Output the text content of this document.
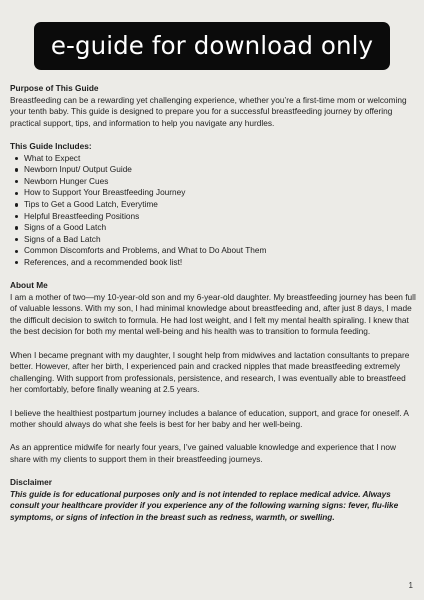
e-guide for download only

Purpose of This Guide

Breastfeeding can be a rewarding yet challenging experience, whether you’re a first-time mom or welcoming your tenth baby. This guide is designed to prepare you for a successful breastfeeding journey by offering practical support, tips, and information to help you navigate any hurdles.

This Guide Includes:

What to Expect
Newborn Input/ Output Guide
Newborn Hunger Cues
How to Support Your Breastfeeding Journey
Tips to Get a Good Latch, Everytime
Helpful Breastfeeding Positions
Signs of a Good Latch
Signs of a Bad Latch
Common Discomforts and Problems, and What to Do About Them
References, and a recommended book list!

About Me

I am a mother of two—my 10-year-old son and my 6-year-old daughter. My breastfeeding journey has been full of valuable lessons. With my son, I had minimal knowledge about breastfeeding and, after just 8 days, I made the difficult decision to switch to formula. He had lost weight, and I felt my mental health spiraling. I knew that the best decision for both my mental well-being and his health was to transition to formula feeding.

When I became pregnant with my daughter, I sought help from midwives and lactation consultants to prepare better. However, after her birth, I experienced pain and cracked nipples that made breastfeeding extremely challenging. With support from professionals, persistence, and research, I was eventually able to breastfeed her comfortably, before finally weaning at 2.5 years.

I believe the healthiest postpartum journey includes a balance of education, support, and grace for oneself. A mother should always do what she feels is best for her baby and her well-being.

As an apprentice midwife for nearly four years, I’ve gained valuable knowledge and experience that I now share with my clients to support them in their breastfeeding journeys.

Disclaimer

This guide is for educational purposes only and is not intended to replace medical advice. Always consult your healthcare provider if you experience any of the following warning signs: fever, flu-like symptoms, or signs of infection in the breast such as redness, warmth, or swelling.

1
